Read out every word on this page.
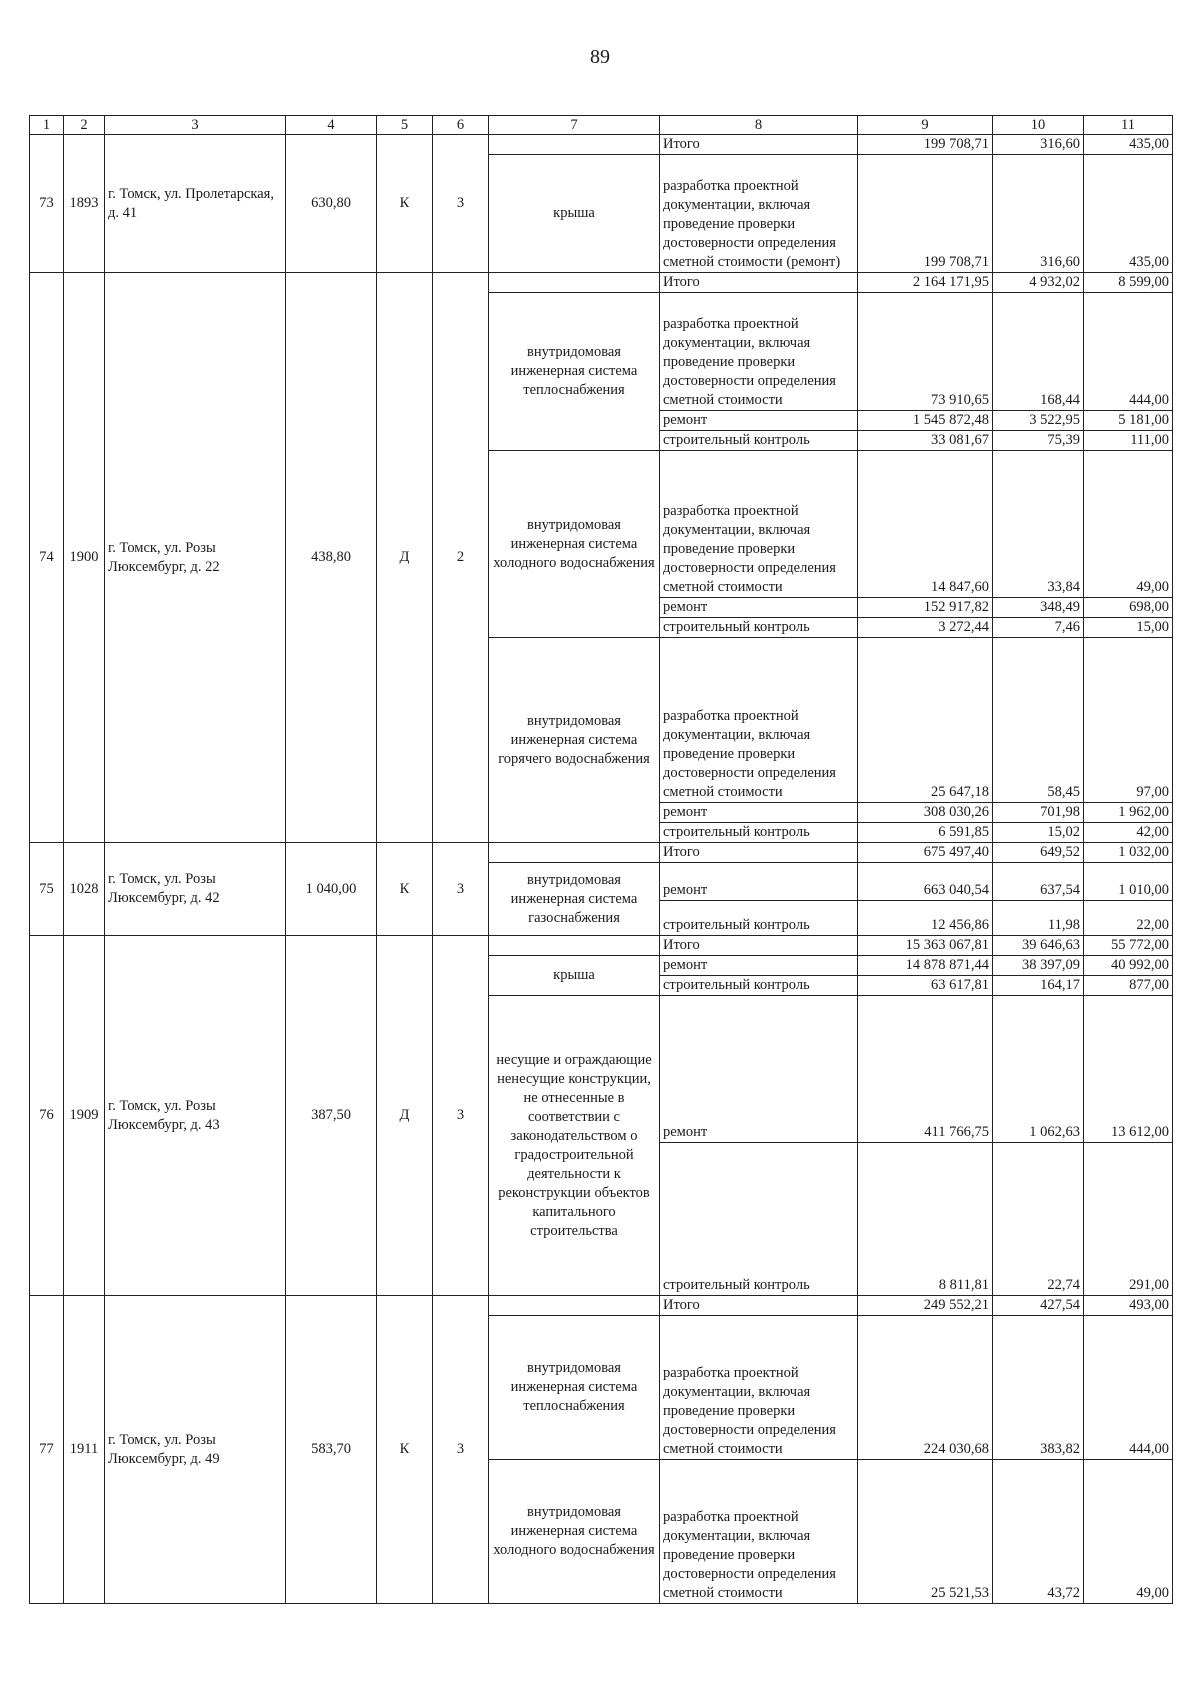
89
1	2	3	4	5	6	7	8	9	10	11
73	1893	г. Томск, ул. Пролетарская, д. 41	630,80	К	3		Итого	199 708,71	316,60	435,00
						крыша	разработка проектной документации, включая проведение проверки достоверности определения сметной стоимости (ремонт)	199 708,71	316,60	435,00
74	1900	г. Томск, ул. Розы Люксембург, д. 22	438,80	Д	2		Итого	2 164 171,95	4 932,02	8 599,00
						внутридомовая инженерная система теплоснабжения	разработка проектной документации, включая проведение проверки достоверности определения сметной стоимости	73 910,65	168,44	444,00
							ремонт	1 545 872,48	3 522,95	5 181,00
							строительный контроль	33 081,67	75,39	111,00
						внутридомовая инженерная система холодного водоснабжения	разработка проектной документации, включая проведение проверки достоверности определения сметной стоимости	14 847,60	33,84	49,00
							ремонт	152 917,82	348,49	698,00
							строительный контроль	3 272,44	7,46	15,00
						внутридомовая инженерная система горячего водоснабжения	разработка проектной документации, включая проведение проверки достоверности определения сметной стоимости	25 647,18	58,45	97,00
							ремонт	308 030,26	701,98	1 962,00
							строительный контроль	6 591,85	15,02	42,00
75	1028	г. Томск, ул. Розы Люксембург, д. 42	1 040,00	К	3		Итого	675 497,40	649,52	1 032,00
						внутридомовая инженерная система газоснабжения	ремонт	663 040,54	637,54	1 010,00
							строительный контроль	12 456,86	11,98	22,00
76	1909	г. Томск, ул. Розы Люксембург, д. 43	387,50	Д	3		Итого	15 363 067,81	39 646,63	55 772,00
						крыша	ремонт	14 878 871,44	38 397,09	40 992,00
							строительный контроль	63 617,81	164,17	877,00
						несущие и ограждающие ненесущие конструкции, не отнесенные в соответствии с законодательством о градостроительной деятельности к реконструкции объектов капитального строительства	ремонт	411 766,75	1 062,63	13 612,00
							строительный контроль	8 811,81	22,74	291,00
77	1911	г. Томск, ул. Розы Люксембург, д. 49	583,70	К	3		Итого	249 552,21	427,54	493,00
						внутридомовая инженерная система теплоснабжения	разработка проектной документации, включая проведение проверки достоверности определения сметной стоимости	224 030,68	383,82	444,00
						внутридомовая инженерная система холодного водоснабжения	разработка проектной документации, включая проведение проверки достоверности определения сметной стоимости	25 521,53	43,72	49,00
